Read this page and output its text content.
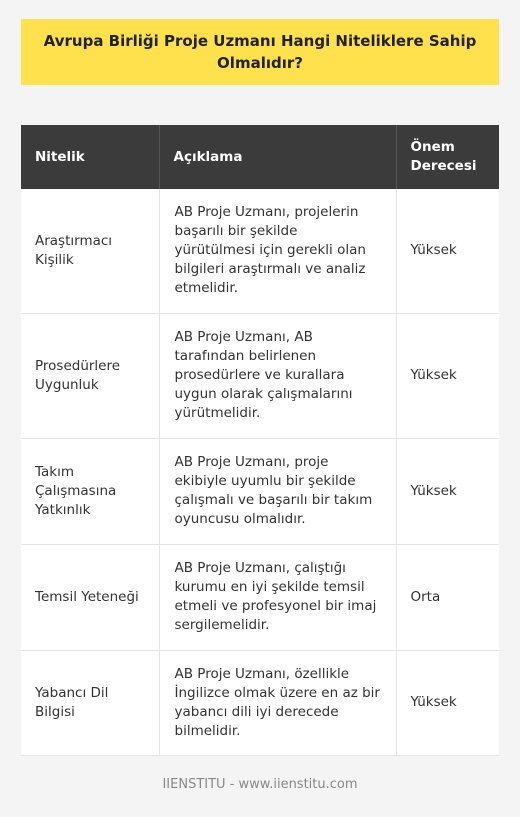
Avrupa Birliği Proje Uzmanı Hangi Niteliklere Sahip Olmalıdır?
Nitelik	Açıklama	Önem Derecesi
Araştırmacı Kişilik	AB Proje Uzmanı, projelerin başarılı bir şekilde yürütülmesi için gerekli olan bilgileri araştırmalı ve analiz etmelidir.	Yüksek
Prosedürlere Uygunluk	AB Proje Uzmanı, AB tarafından belirlenen prosedürlere ve kurallara uygun olarak çalışmalarını yürütmelidir.	Yüksek
Takım Çalışmasına Yatkınlık	AB Proje Uzmanı, proje ekibiyle uyumlu bir şekilde çalışmalı ve başarılı bir takım oyuncusu olmalıdır.	Yüksek
Temsil Yeteneği	AB Proje Uzmanı, çalıştığı kurumu en iyi şekilde temsil etmeli ve profesyonel bir imaj sergilemelidir.	Orta
Yabancı Dil Bilgisi	AB Proje Uzmanı, özellikle İngilizce olmak üzere en az bir yabancı dili iyi derecede bilmelidir.	Yüksek
IIENSTITU - www.iienstitu.com
